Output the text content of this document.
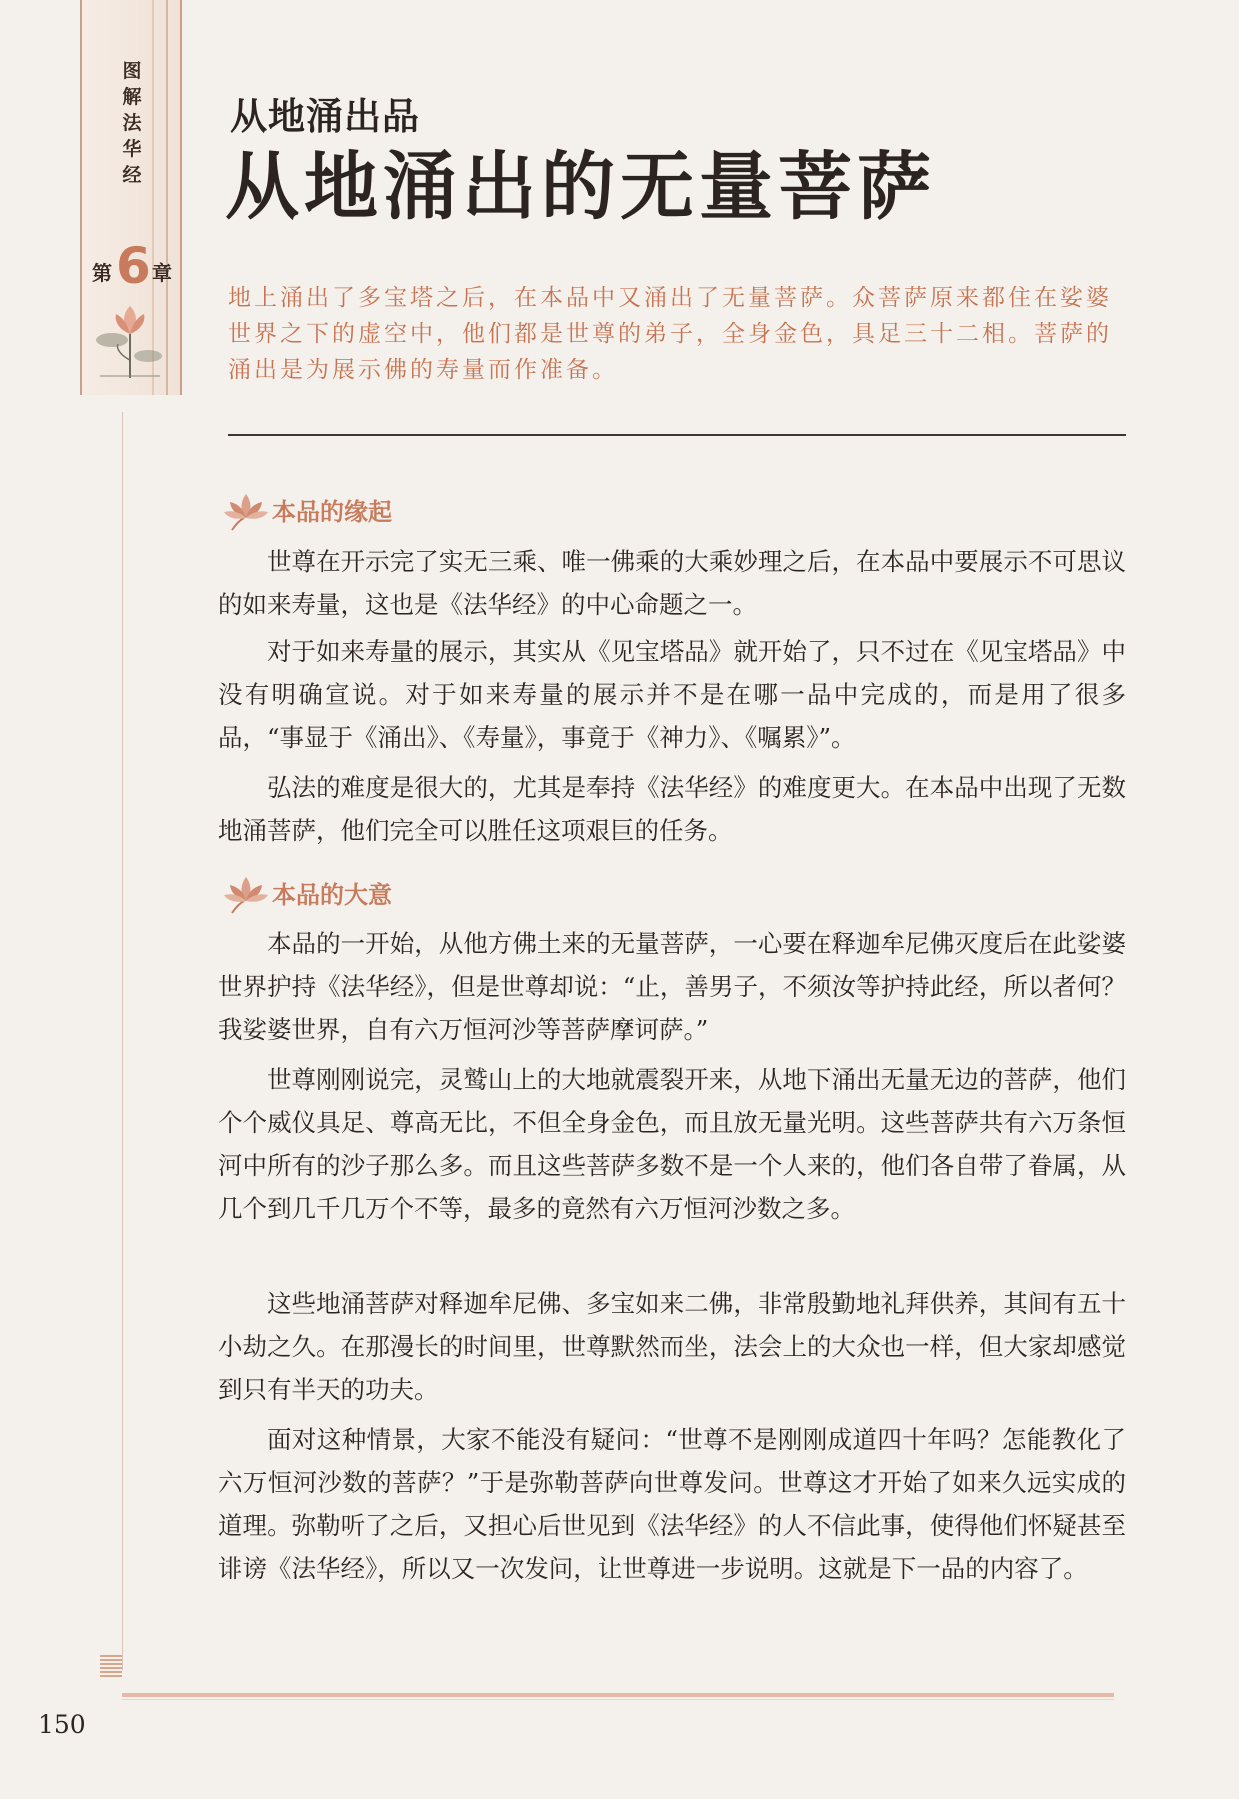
图解法华经
第 6 章
从地涌出品
从地涌出的无量菩萨
地上涌出了多宝塔之后，在本品中又涌出了无量菩萨。众菩萨原来都住在娑婆世界之下的虚空中，他们都是世尊的弟子，全身金色，具足三十二相。菩萨的涌出是为展示佛的寿量而作准备。
本品的缘起

世尊在开示完了实无三乘、唯一佛乘的大乘妙理之后，在本品中要展示不可思议的如来寿量，这也是《法华经》的中心命题之一。

对于如来寿量的展示，其实从《见宝塔品》就开始了，只不过在《见宝塔品》中没有明确宣说。对于如来寿量的展示并不是在哪一品中完成的，而是用了很多品，“事显于《涌出》、《寿量》，事竟于《神力》、《嘱累》”。

弘法的难度是很大的，尤其是奉持《法华经》的难度更大。在本品中出现了无数地涌菩萨，他们完全可以胜任这项艰巨的任务。

本品的大意

本品的一开始，从他方佛土来的无量菩萨，一心要在释迦牟尼佛灭度后在此娑婆世界护持《法华经》，但是世尊却说：“止，善男子，不须汝等护持此经，所以者何？我娑婆世界，自有六万恒河沙等菩萨摩诃萨。”

世尊刚刚说完，灵鹫山上的大地就震裂开来，从地下涌出无量无边的菩萨，他们个个威仪具足、尊高无比，不但全身金色，而且放无量光明。这些菩萨共有六万条恒河中所有的沙子那么多。而且这些菩萨多数不是一个人来的，他们各自带了眷属，从几个到几千几万个不等，最多的竟然有六万恒河沙数之多。

这些地涌菩萨对释迦牟尼佛、多宝如来二佛，非常殷勤地礼拜供养，其间有五十小劫之久。在那漫长的时间里，世尊默然而坐，法会上的大众也一样，但大家却感觉到只有半天的功夫。

面对这种情景，大家不能没有疑问：“世尊不是刚刚成道四十年吗？怎能教化了六万恒河沙数的菩萨？”于是弥勒菩萨向世尊发问。世尊这才开始了如来久远实成的道理。弥勒听了之后，又担心后世见到《法华经》的人不信此事，使得他们怀疑甚至诽谤《法华经》，所以又一次发问，让世尊进一步说明。这就是下一品的内容了。

150
